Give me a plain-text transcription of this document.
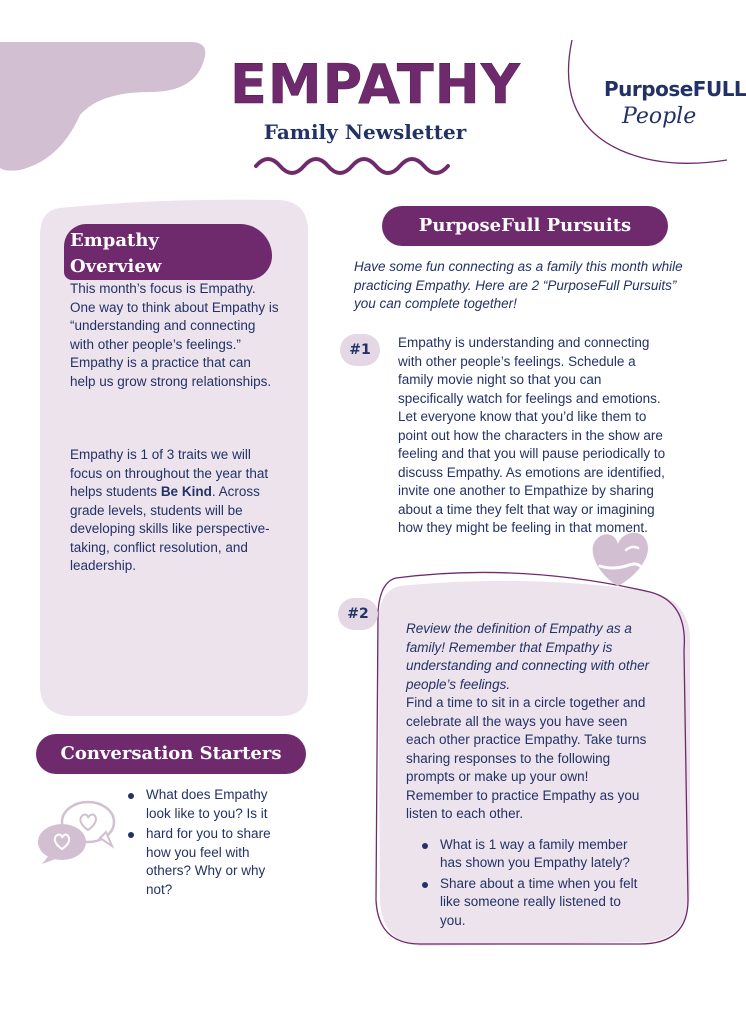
EMPATHY
Family Newsletter
PurposeFULL
People
Empathy Overview
This month’s focus is Empathy. One way to think about Empathy is “understanding and connecting with other people’s feelings.” Empathy is a practice that can help us grow strong relationships.
Empathy is 1 of 3 traits we will focus on throughout the year that helps students Be Kind. Across grade levels, students will be developing skills like perspective-taking, conflict resolution, and leadership.
PurposeFull Pursuits
Have some fun connecting as a family this month while practicing Empathy. Here are 2 “PurposeFull Pursuits” you can complete together!
#1	Empathy is understanding and connecting with other people’s feelings. Schedule a family movie night so that you can specifically watch for feelings and emotions. Let everyone know that you’d like them to point out how the characters in the show are feeling and that you will pause periodically to discuss Empathy. As emotions are identified, invite one another to Empathize by sharing about a time they felt that way or imagining how they might be feeling in that moment.
#2
Review the definition of Empathy as a family! Remember that Empathy is understanding and connecting with other people’s feelings.
Find a time to sit in a circle together and celebrate all the ways you have seen each other practice Empathy. Take turns sharing responses to the following prompts or make up your own! Remember to practice Empathy as you listen to each other.
What is 1 way a family member has shown you Empathy lately?
Share about a time when you felt like someone really listened to you.
Conversation Starters
What does Empathy look like to you? Is it
hard for you to share how you feel with others? Why or why not?
